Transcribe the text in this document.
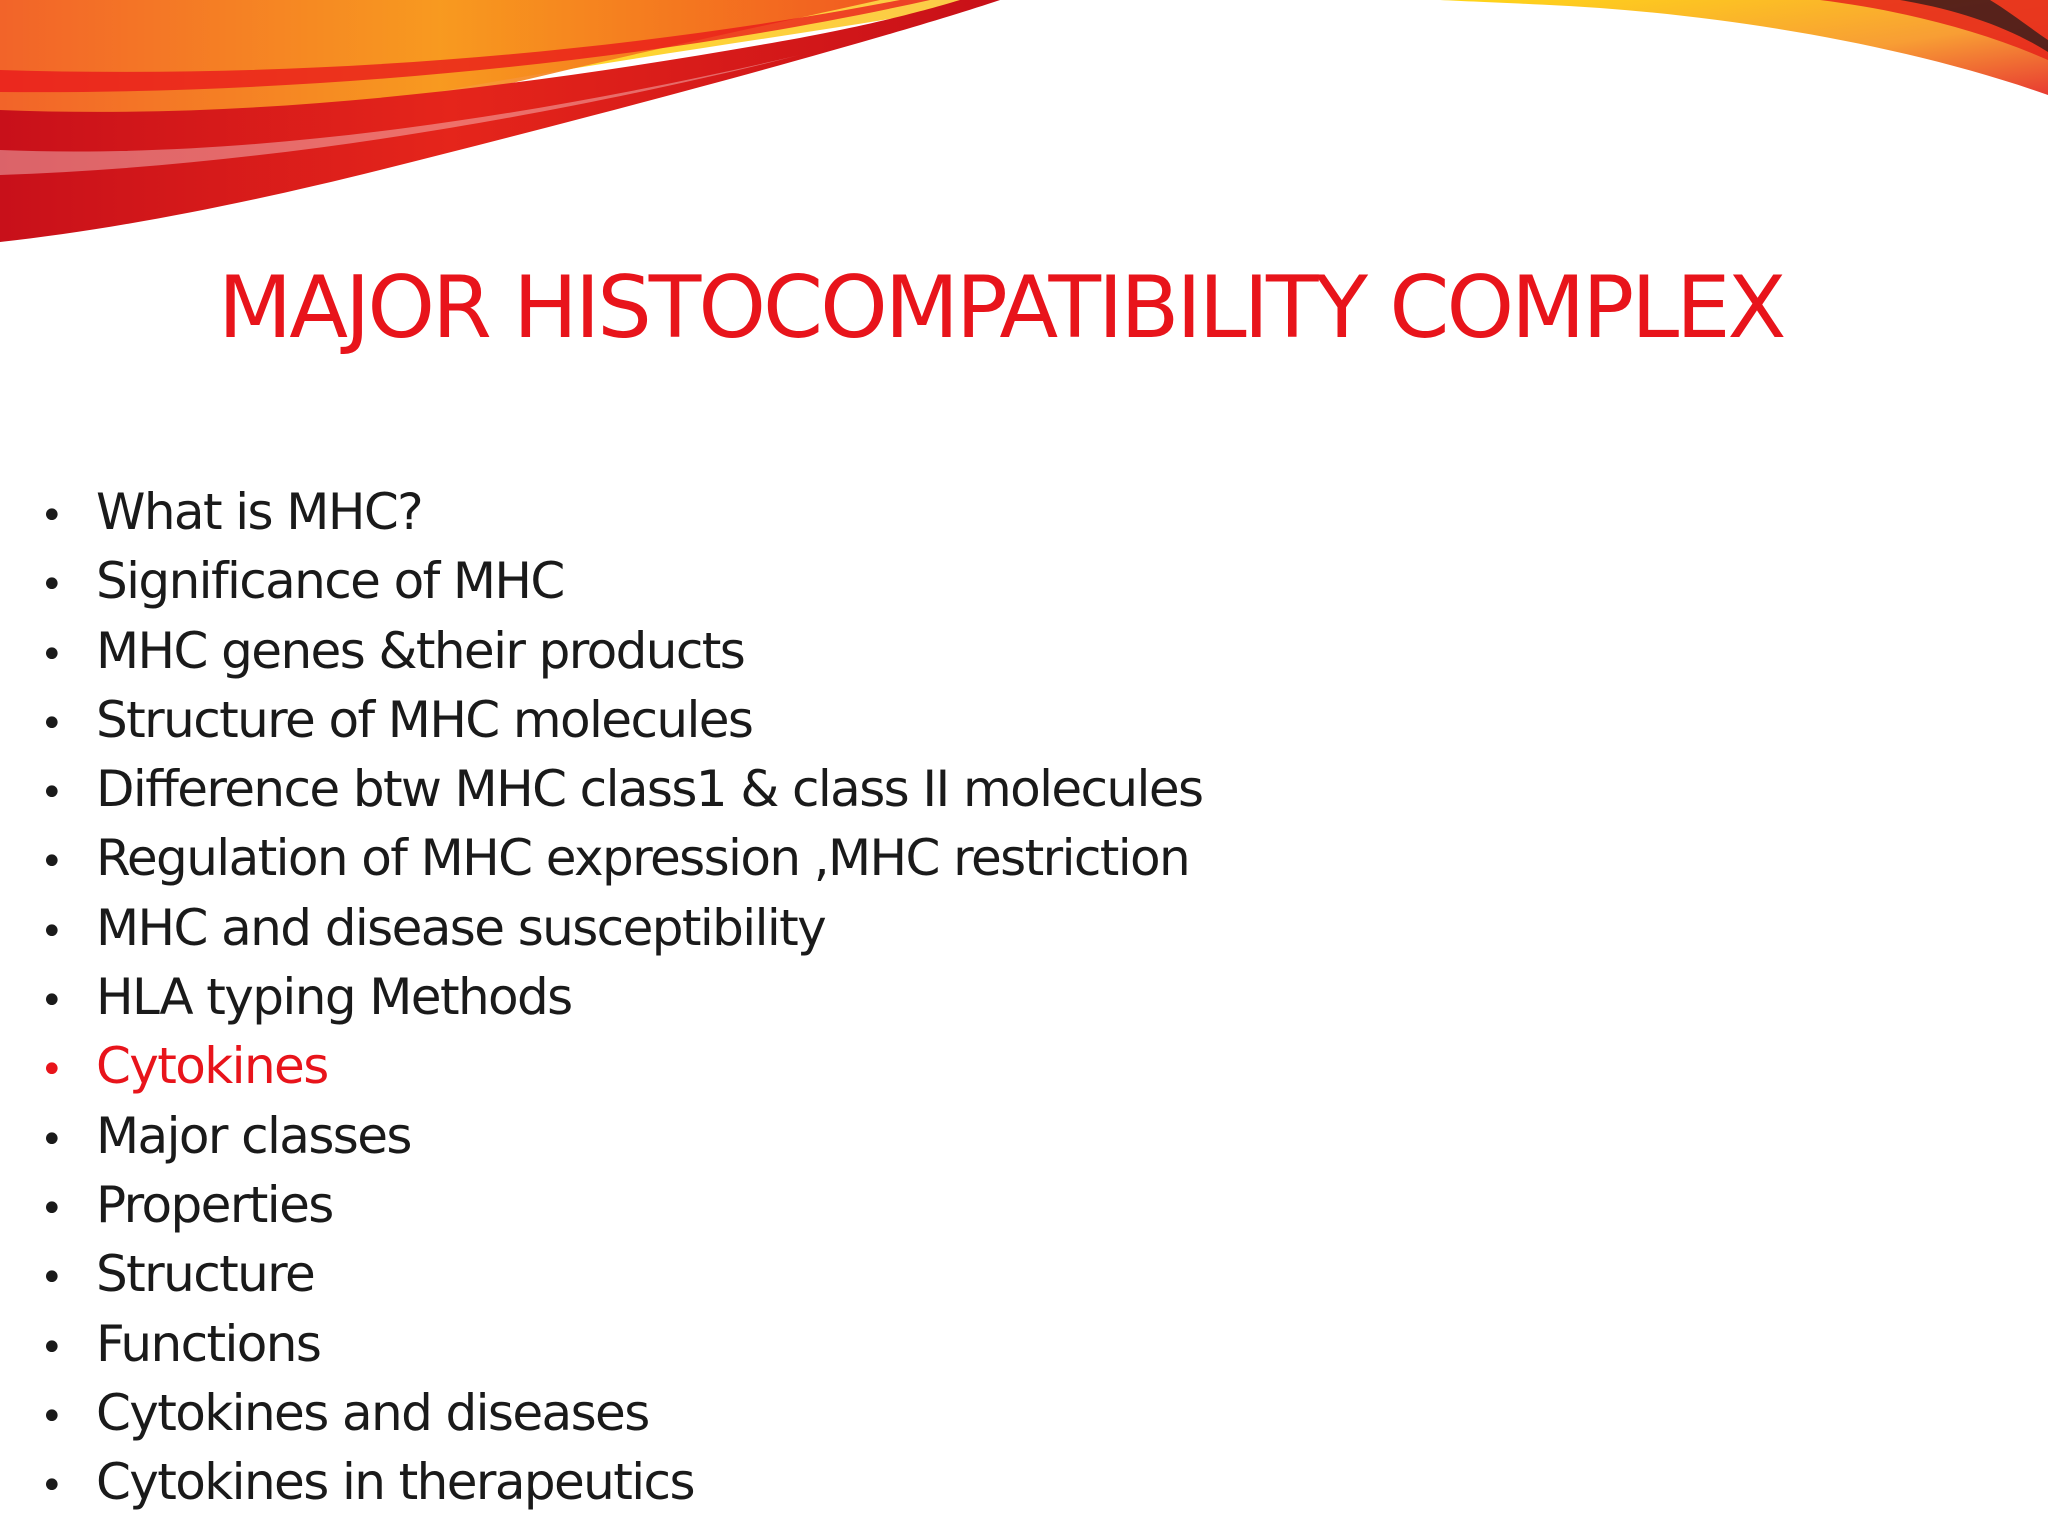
MAJOR HISTOCOMPATIBILITY COMPLEX
• What is MHC?
• Significance of MHC
• MHC genes &their products
• Structure of MHC molecules
• Difference btw MHC class1 & class II molecules
• Regulation of MHC expression ,MHC restriction
• MHC and disease susceptibility
• HLA typing Methods
• Cytokines
• Major classes
• Properties
• Structure
• Functions
• Cytokines and diseases
• Cytokines in therapeutics
